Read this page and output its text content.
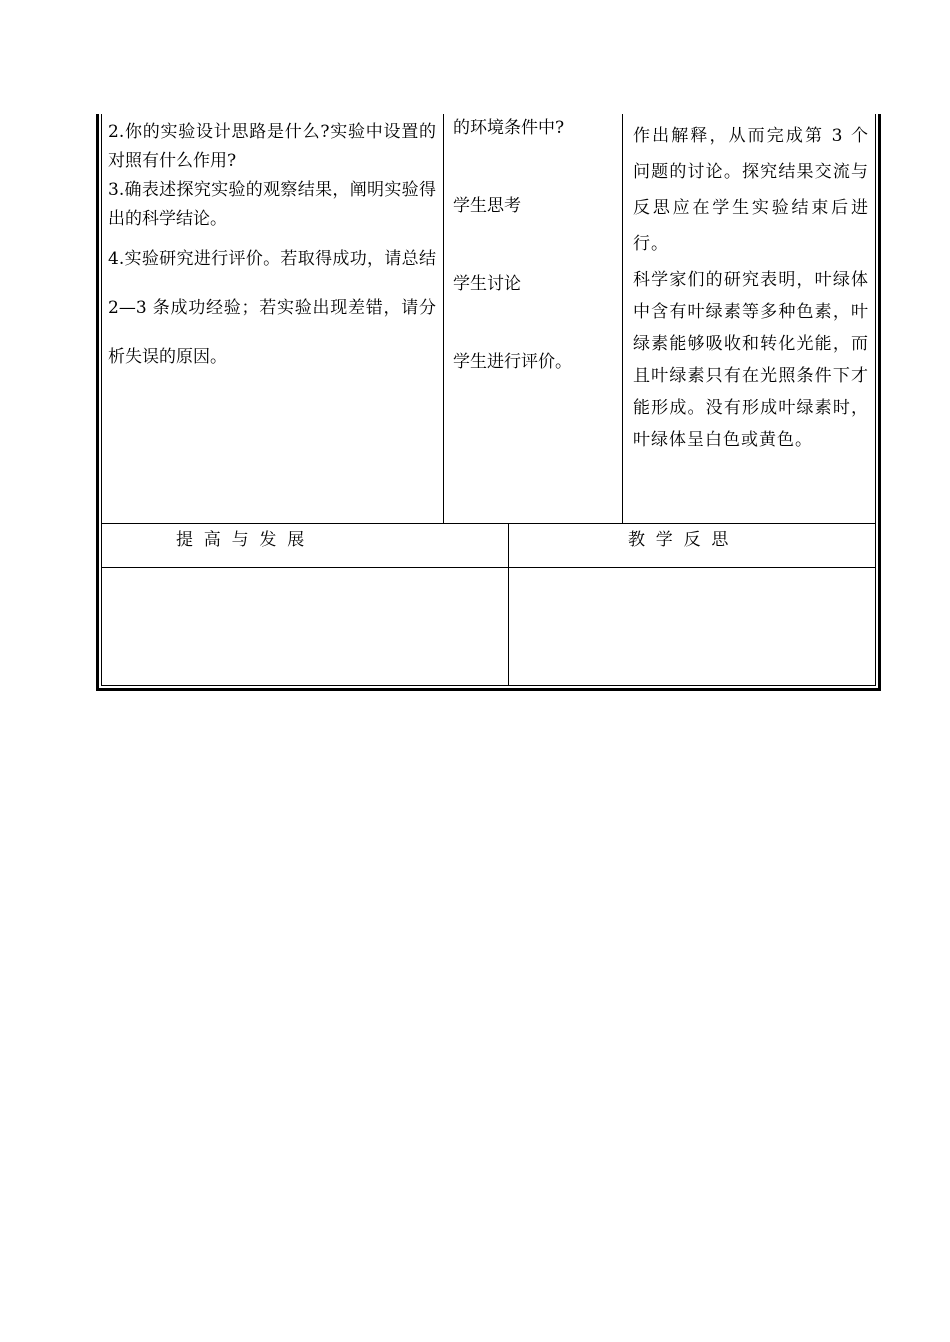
2.你的实验设计思路是什么?实验中设置的对照有什么作用?

3.确表述探究实验的观察结果，阐明实验得出的科学结论。

4.实验研究进行评价。若取得成功，请总结 2—3 条成功经验；若实验出现差错，请分析失误的原因。

的环境条件中?
学生思考
学生讨论
学生进行评价。

作出解释，从而完成第 3 个问题的讨论。探究结果交流与反思应在学生实验结束后进行。

科学家们的研究表明，叶绿体中含有叶绿素等多种色素，叶绿素能够吸收和转化光能，而且叶绿素只有在光照条件下才能形成。没有形成叶绿素时，叶绿体呈白色或黄色。

提  高  与  发  展	教  学  反  思
